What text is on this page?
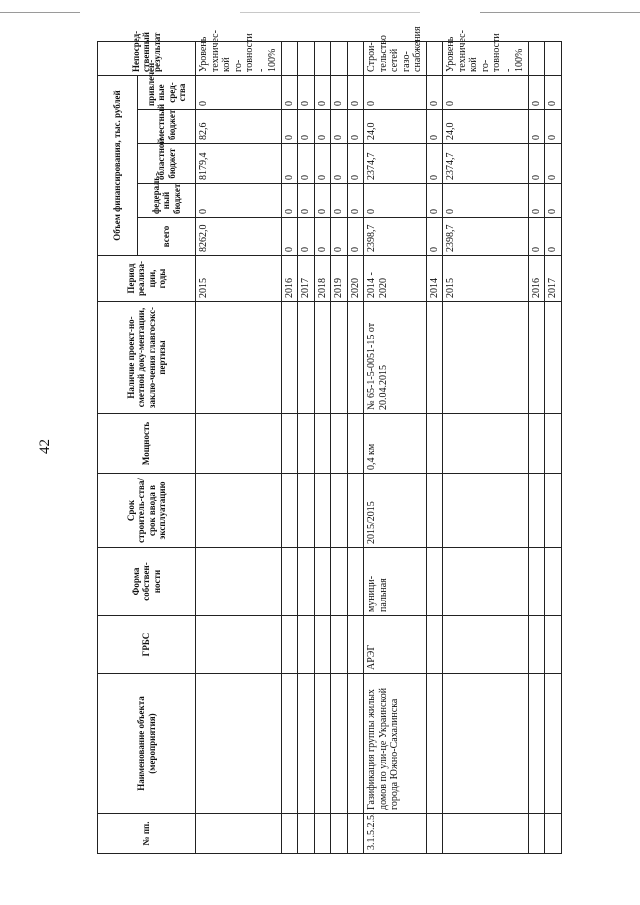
42
№ пп.	Наименование объекта (мероприятия)	ГРБС	Форма собствен-ности	Срок строитель-ства/срок ввода в эксплуатацию	Мощность	Наличие проект-но-сметной доку-ментации, заклю-чения главгосэкс-пертизы	Период реализа-ции, годы	Объем финансирования, тыс. рублей					Непосред-ственный результат
								всего	федераль-ный бюджет	областной бюджет	местный бюджет	привлечен-ные сред-ства	
							2015	8262,0	0	8179,4	82,6	0	Уровень техничес-кой го-товности - 100%
							2016	0	0	0	0	0	
							2017	0	0	0	0	0	
							2018	0	0	0	0	0	
							2019	0	0	0	0	0	
							2020	0	0	0	0	0	
3.1.5.2.5.	Газификация группы жилых домов по ули-це Украинской города Южно-Сахалинска	АРЭГ	муници-пальная	2015/2015	0,4 км	№ 65-1-5-0051-15 от 20.04.2015	2014 - 2020	2398,7	0	2374,7	24,0	0	Строи-тельство сетей газо-снабжения
							2014	0	0	0	0	0	
							2015	2398,7	0	2374,7	24,0	0	Уровень техничес-кой го-товности - 100%
							2016	0	0	0	0	0	
							2017	0	0	0	0	0	
